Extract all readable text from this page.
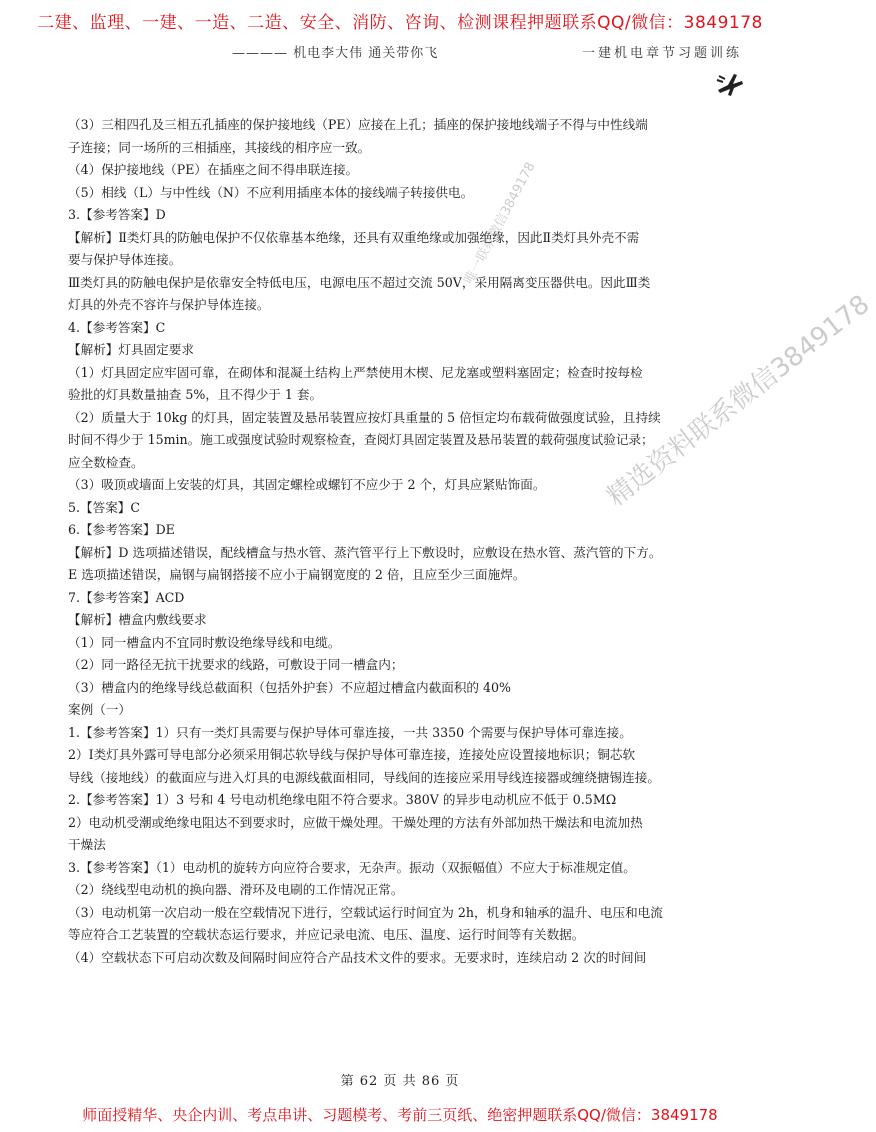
二建、监理、一建、一造、二造、安全、消防、咨询、检测课程押题联系QQ/微信：3849178
———— 机电李大伟 通关带你飞	一建机电章节习题训练

（3）三相四孔及三相五孔插座的保护接地线（PE）应接在上孔；插座的保护接地线端子不得与中性线端

子连接；同一场所的三相插座，其接线的相序应一致。

（4）保护接地线（PE）在插座之间不得串联连接。

（5）相线（L）与中性线（N）不应利用插座本体的接线端子转接供电。

3.【参考答案】D

【解析】Ⅱ类灯具的防触电保护不仅依靠基本绝缘，还具有双重绝缘或加强绝缘，因此Ⅱ类灯具外壳不需

要与保护导体连接。

Ⅲ类灯具的防触电保护是依靠安全特低电压，电源电压不超过交流 50V，采用隔离变压器供电。因此Ⅲ类

灯具的外壳不容许与保护导体连接。

4.【参考答案】C

【解析】灯具固定要求

（1）灯具固定应牢固可靠，在砌体和混凝土结构上严禁使用木楔、尼龙塞或塑料塞固定；检查时按每检

验批的灯具数量抽查 5%，且不得少于 1 套。

（2）质量大于 10kg 的灯具，固定装置及悬吊装置应按灯具重量的 5 倍恒定均布载荷做强度试验，且持续

时间不得少于 15min。施工或强度试验时观察检查，查阅灯具固定装置及悬吊装置的载荷强度试验记录；

应全数检查。

（3）吸顶或墙面上安装的灯具，其固定螺栓或螺钉不应少于 2 个，灯具应紧贴饰面。

5.【答案】C

6.【参考答案】DE

【解析】D 选项描述错误，配线槽盒与热水管、蒸汽管平行上下敷设时，应敷设在热水管、蒸汽管的下方。

E 选项描述错误，扁钢与扁钢搭接不应小于扁钢宽度的 2 倍，且应至少三面施焊。

7.【参考答案】ACD

【解析】槽盒内敷线要求

（1）同一槽盒内不宜同时敷设绝缘导线和电缆。

（2）同一路径无抗干扰要求的线路，可敷设于同一槽盒内；

（3）槽盒内的绝缘导线总截面积（包括外护套）不应超过槽盒内截面积的 40%

案例（一）

1.【参考答案】1）只有一类灯具需要与保护导体可靠连接，一共 3350 个需要与保护导体可靠连接。

2）Ⅰ类灯具外露可导电部分必须采用铜芯软导线与保护导体可靠连接，连接处应设置接地标识；铜芯软

导线（接地线）的截面应与进入灯具的电源线截面相同，导线间的连接应采用导线连接器或缠绕搪锡连接。

2.【参考答案】1）3 号和 4 号电动机绝缘电阻不符合要求。380V 的异步电动机应不低于 0.5MΩ

2）电动机受潮或绝缘电阻达不到要求时，应做干燥处理。干燥处理的方法有外部加热干燥法和电流加热

干燥法

3.【参考答案】（1）电动机的旋转方向应符合要求，无杂声。振动（双振幅值）不应大于标准规定值。

（2）绕线型电动机的换向器、滑环及电刷的工作情况正常。

（3）电动机第一次启动一般在空载情况下进行，空载试运行时间宜为 2h，机身和轴承的温升、电压和电流

等应符合工艺装置的空载状态运行要求，并应记录电流、电压、温度、运行时间等有关数据。

（4）空载状态下可启动次数及间隔时间应符合产品技术文件的要求。无要求时，连续启动 2 次的时间间

唯一联系微信3849178
精选资料联系微信3849178
第 62 页 共 86 页
师面授精华、央企内训、考点串讲、习题模考、考前三页纸、绝密押题联系QQ/微信：3849178
